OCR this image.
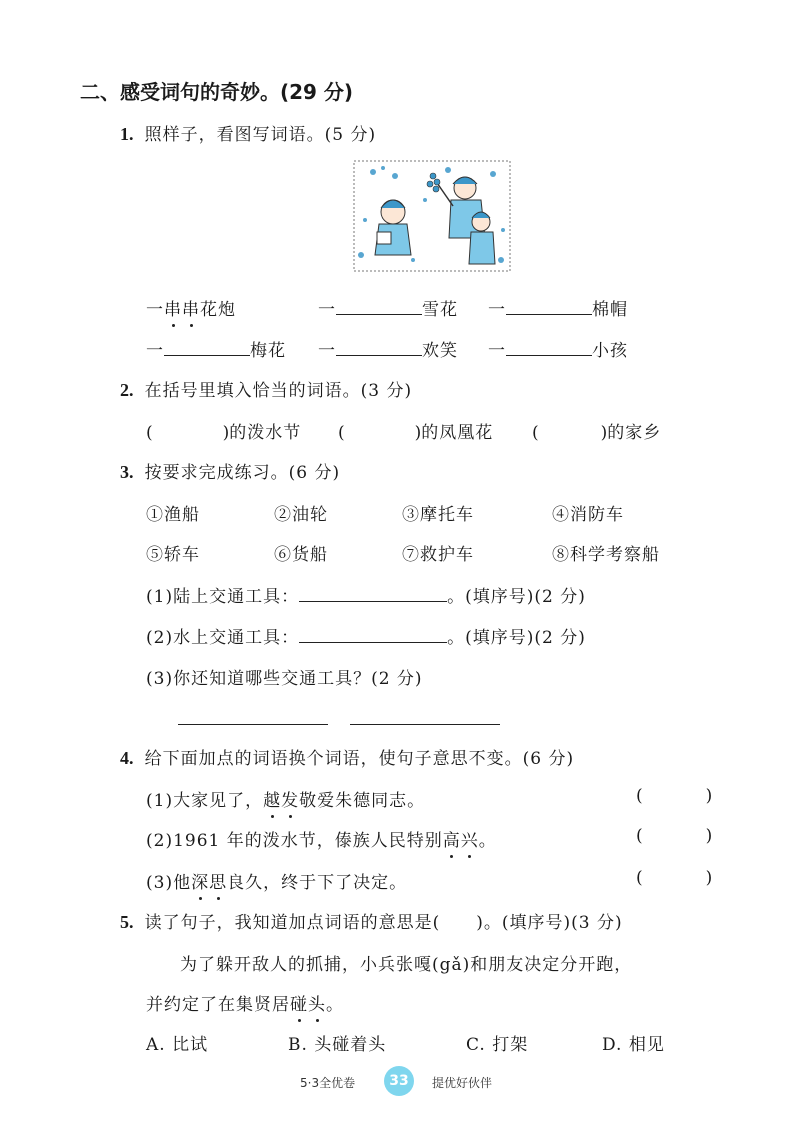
二、感受词句的奇妙。(29 分)
1. 照样子，看图写词语。(5 分)
一串串花炮	一	雪花 一	棉帽
一	梅花 一	欢笑 一	小孩
2. 在括号里填入恰当的词语。(3 分)
(	)的泼水节 (	)的凤凰花 (	)的家乡
3. 按要求完成练习。(6 分)
①渔船	②油轮	③摩托车	④消防车
⑤轿车	⑥货船	⑦救护车	⑧科学考察船
(1)陆上交通工具：	。(填序号)(2 分)
(2)水上交通工具：	。(填序号)(2 分)
(3)你还知道哪些交通工具？(2 分)
4. 给下面加点的词语换个词语，使句子意思不变。(6 分)
(1)大家见了，越发敬爱朱德同志。	(	)
(2)1961 年的泼水节，傣族人民特别高兴。	(	)
(3)他深思良久，终于下了决定。	(	)
5. 读了句子，我知道加点词语的意思是(　　)。(填序号)(3 分)
为了躲开敌人的抓捕，小兵张嘎(gǎ)和朋友决定分开跑，
并约定了在集贤居碰头。
A. 比试	B. 头碰着头	C. 打架	D. 相见
5·3全优卷	33	提优好伙伴
